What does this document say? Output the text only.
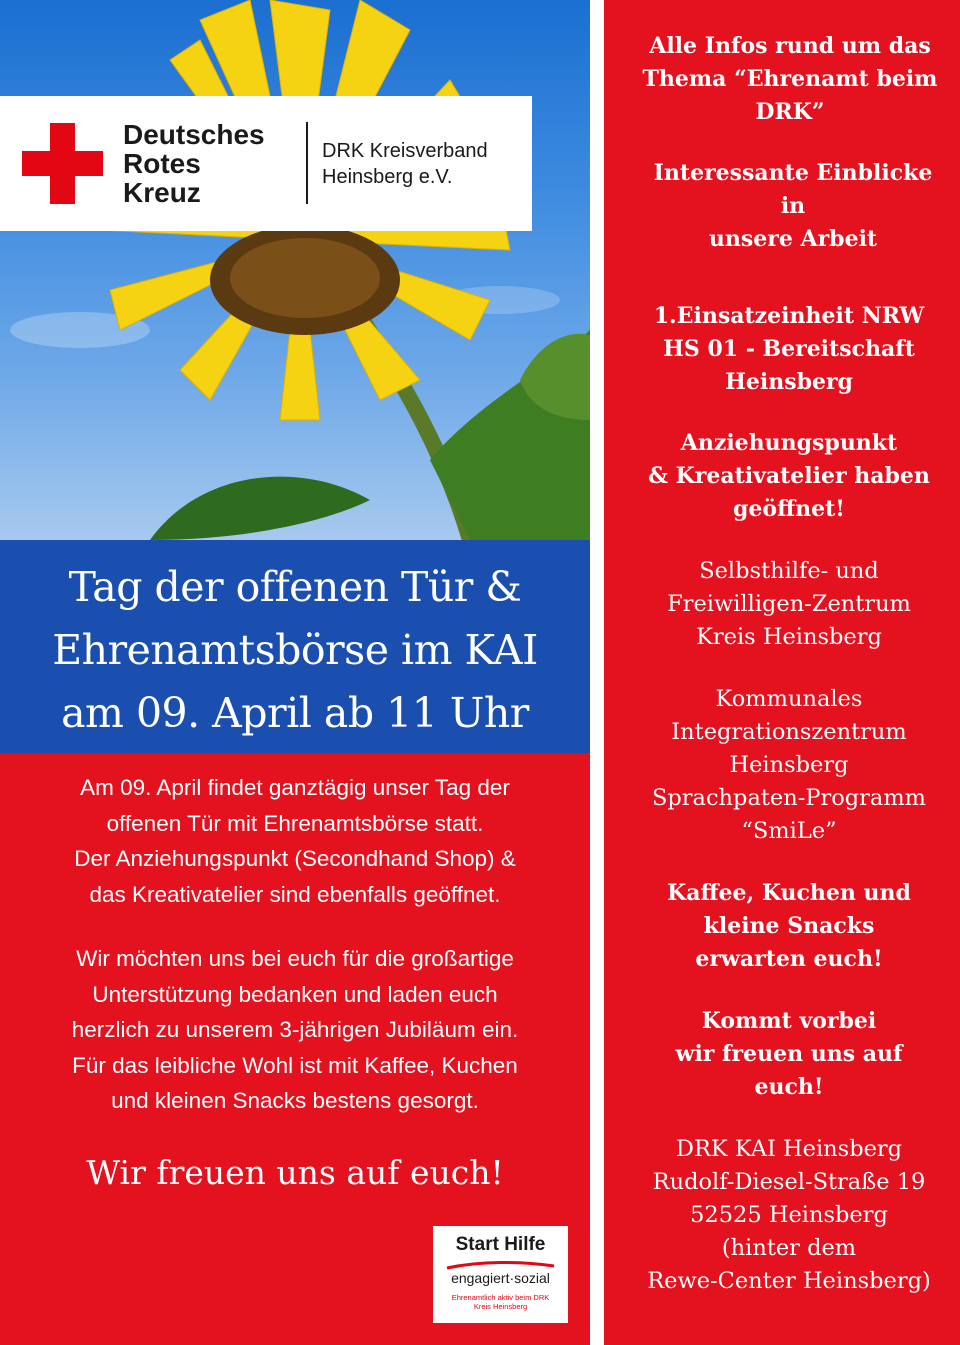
Deutsches
Rotes
Kreuz
DRK Kreisverband
Heinsberg e.V.
Tag der offenen Tür &
Ehrenamtsbörse im KAI
am 09. April ab 11 Uhr
Am 09. April findet ganztägig unser Tag der
offenen Tür mit Ehrenamtsbörse statt.
Der Anziehungspunkt (Secondhand Shop) &
das Kreativatelier sind ebenfalls geöffnet.
Wir möchten uns bei euch für die großartige
Unterstützung bedanken und laden euch
herzlich zu unserem 3-jährigen Jubiläum ein.
Für das leibliche Wohl ist mit Kaffee, Kuchen
und kleinen Snacks bestens gesorgt.
Wir freuen uns auf euch!
Start Hilfe
engagiert·sozial
Ehrenamtlich aktiv beim DRK
Kreis Heinsberg
Alle Infos rund um das
Thema “Ehrenamt beim
DRK”
Interessante Einblicke
in
unsere Arbeit
1.Einsatzeinheit NRW
HS 01 - Bereitschaft
Heinsberg
Anziehungspunkt
& Kreativatelier haben
geöffnet!
Selbsthilfe- und
Freiwilligen-Zentrum
Kreis Heinsberg
Kommunales
Integrationszentrum
Heinsberg
Sprachpaten-Programm
“SmiLe”
Kaffee, Kuchen und
kleine Snacks
erwarten euch!
Kommt vorbei
wir freuen uns auf
euch!
DRK KAI Heinsberg
Rudolf-Diesel-Straße 19
52525 Heinsberg
(hinter dem
Rewe-Center Heinsberg)
